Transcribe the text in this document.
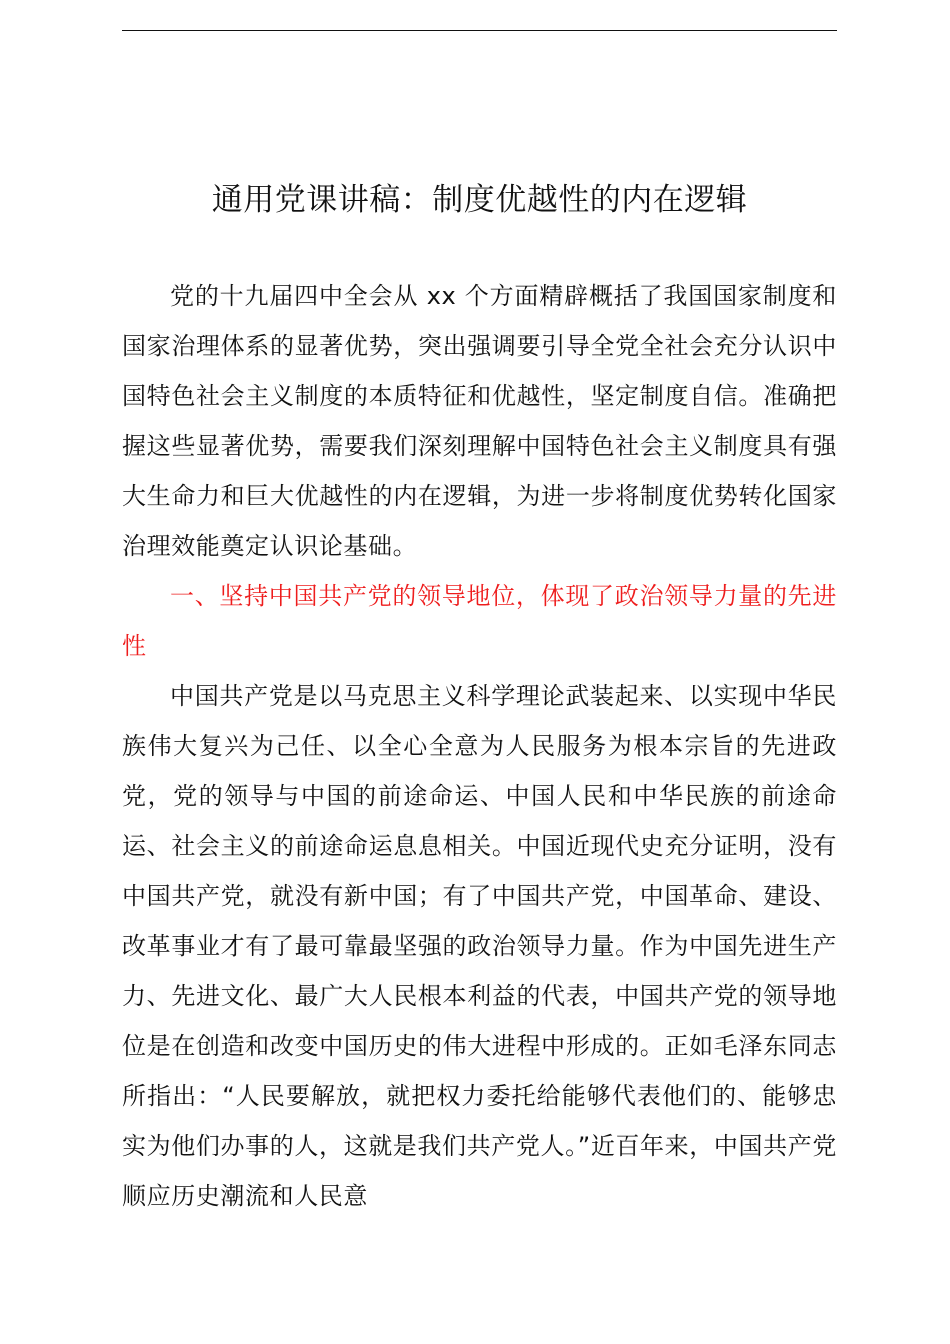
通用党课讲稿：制度优越性的内在逻辑

党的十九届四中全会从 xx 个方面精辟概括了我国国家制度和国家治理体系的显著优势，突出强调要引导全党全社会充分认识中国特色社会主义制度的本质特征和优越性，坚定制度自信。准确把握这些显著优势，需要我们深刻理解中国特色社会主义制度具有强大生命力和巨大优越性的内在逻辑，为进一步将制度优势转化国家治理效能奠定认识论基础。

一、坚持中国共产党的领导地位，体现了政治领导力量的先进性

中国共产党是以马克思主义科学理论武装起来、以实现中华民族伟大复兴为己任、以全心全意为人民服务为根本宗旨的先进政党，党的领导与中国的前途命运、中国人民和中华民族的前途命运、社会主义的前途命运息息相关。中国近现代史充分证明，没有中国共产党，就没有新中国；有了中国共产党，中国革命、建设、改革事业才有了最可靠最坚强的政治领导力量。作为中国先进生产力、先进文化、最广大人民根本利益的代表，中国共产党的领导地位是在创造和改变中国历史的伟大进程中形成的。正如毛泽东同志所指出：“人民要解放，就把权力委托给能够代表他们的、能够忠实为他们办事的人，这就是我们共产党人。”近百年来，中国共产党顺应历史潮流和人民意
